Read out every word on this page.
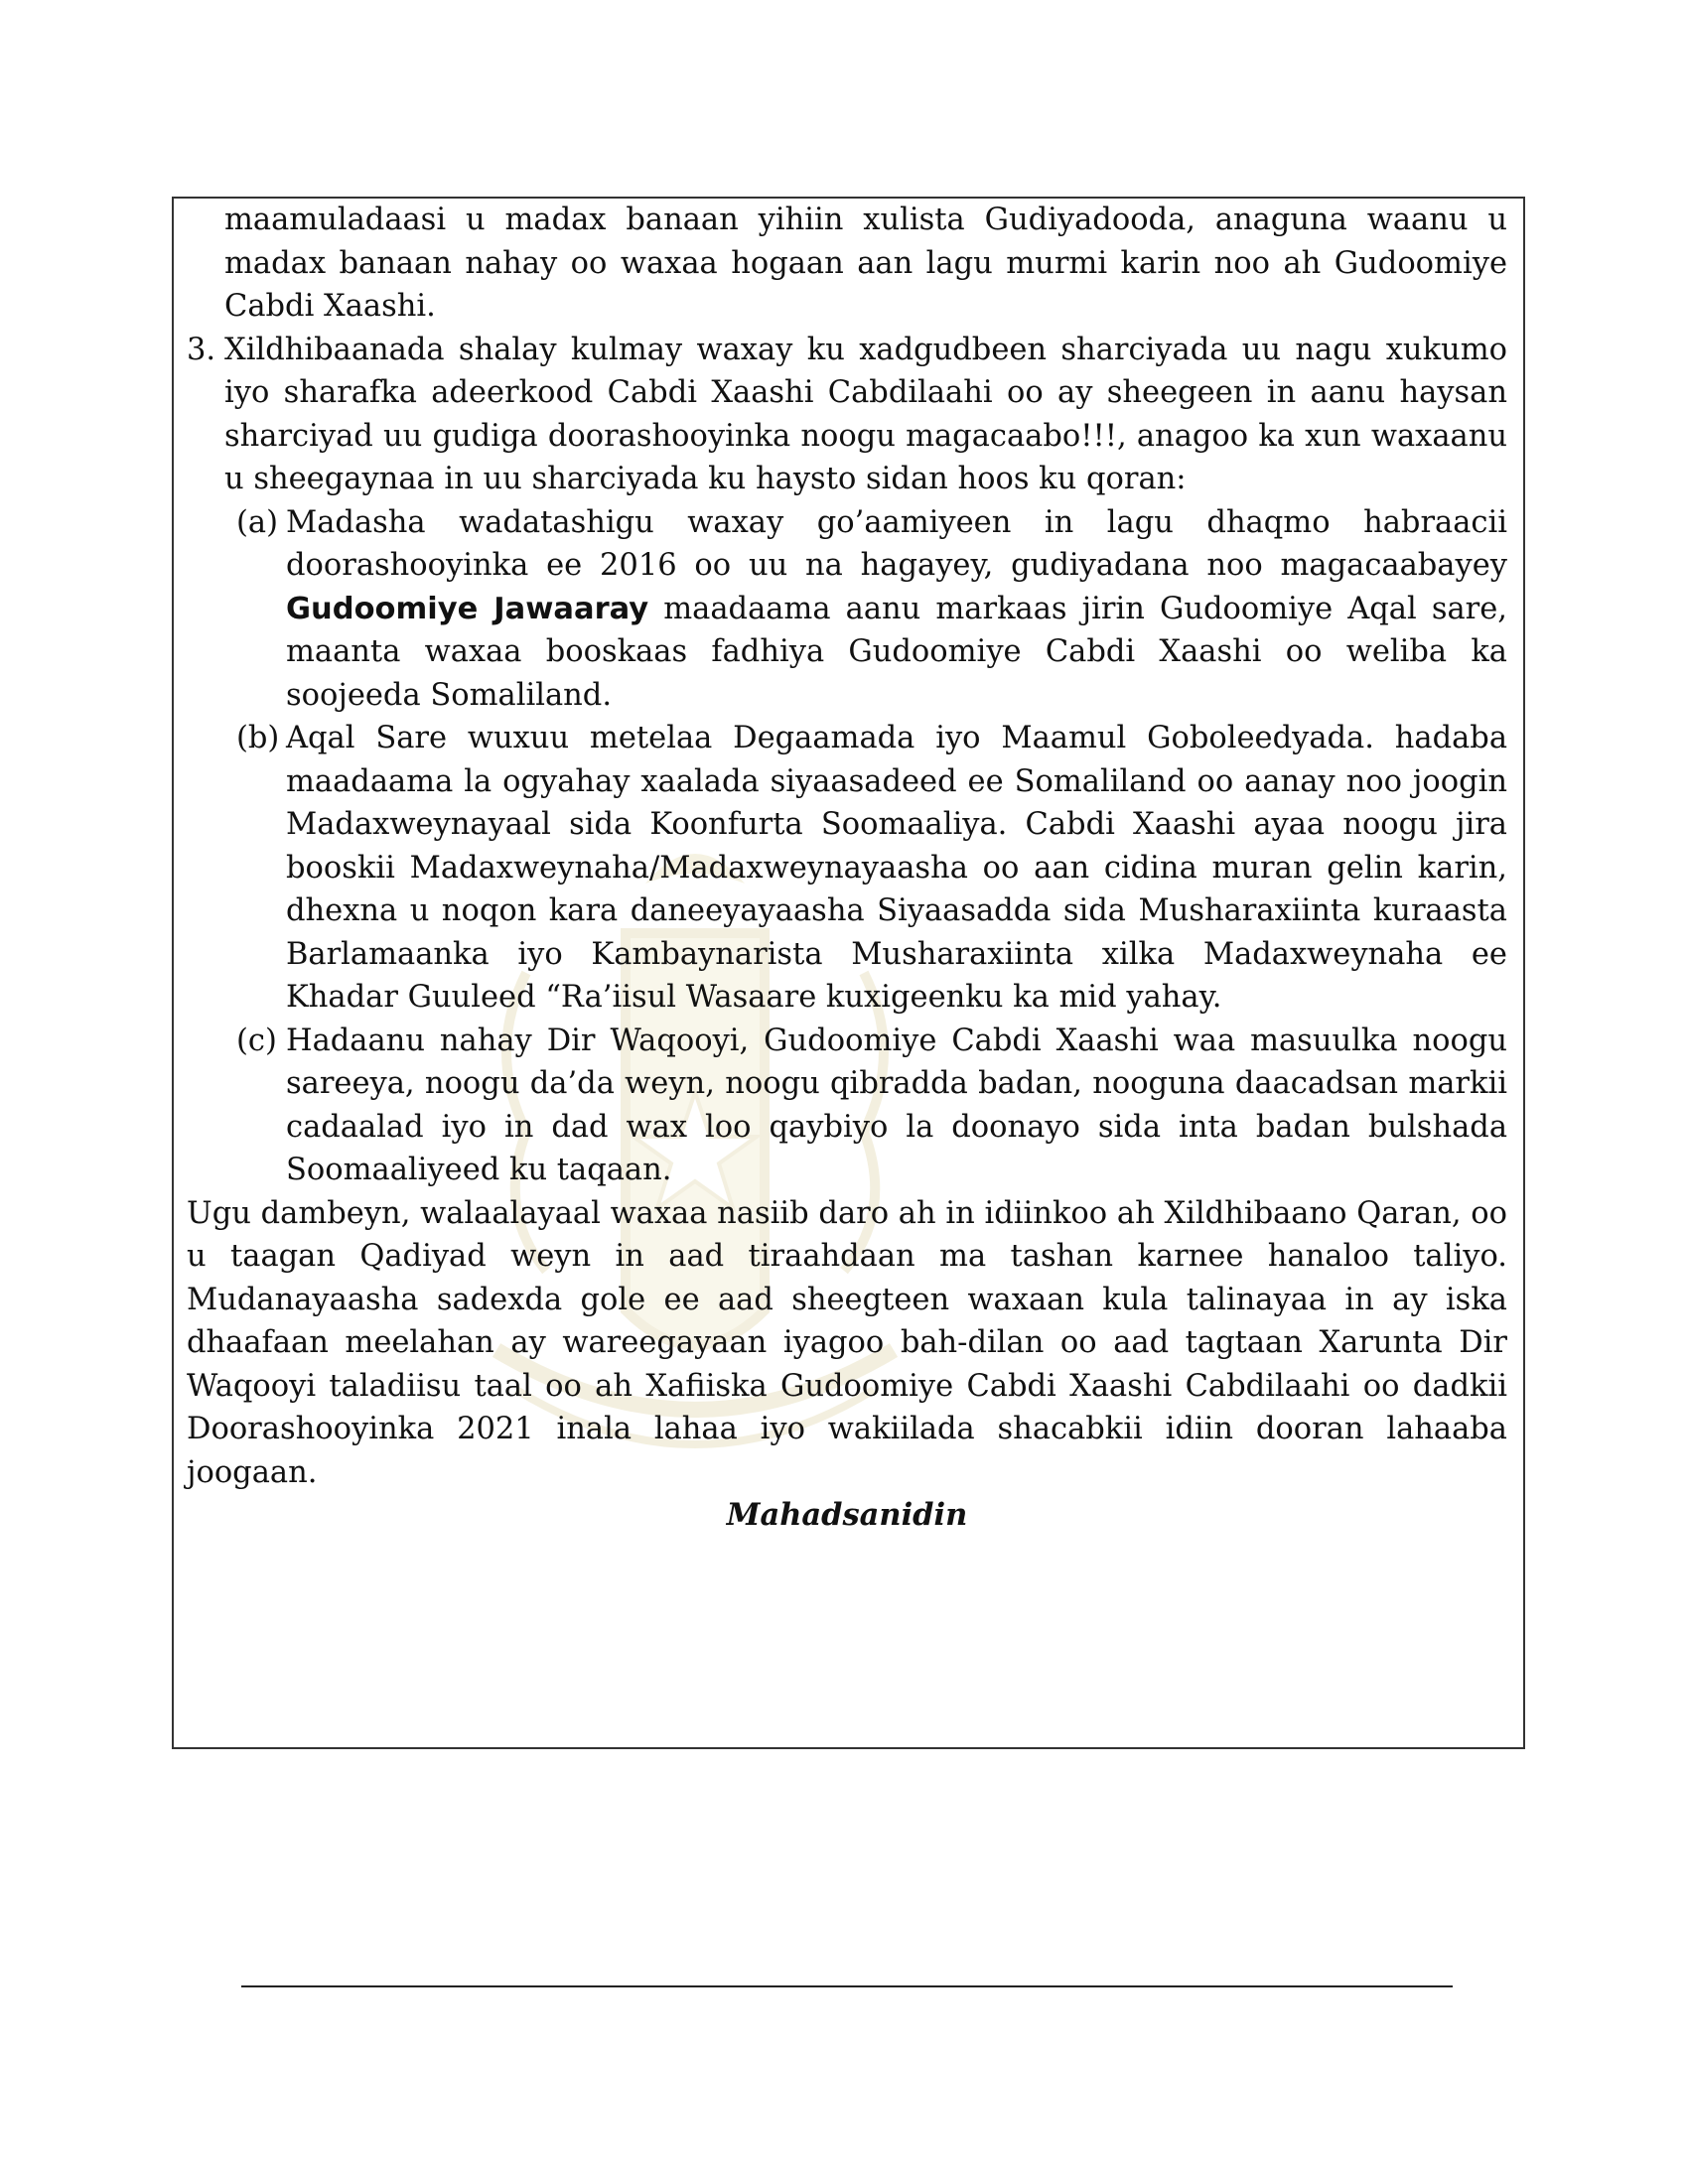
maamuladaasi u madax banaan yihiin xulista Gudiyadooda, anaguna waanu u madax banaan nahay oo waxaa hogaan aan lagu murmi karin noo ah Gudoomiye Cabdi Xaashi.

3. Xildhibaanada shalay kulmay waxay ku xadgudbeen sharciyada uu nagu xukumo iyo sharafka adeerkood Cabdi Xaashi Cabdilaahi oo ay sheegeen in aanu haysan sharciyad uu gudiga doorashooyinka noogu magacaabo!!!, anagoo ka xun waxaanu u sheegaynaa in uu sharciyada ku haysto sidan hoos ku qoran:

(a) Madasha wadatashigu waxay go’aamiyeen in lagu dhaqmo habraacii doorashooyinka ee 2016 oo uu na hagayey, gudiyadana noo magacaabayey Gudoomiye Jawaaray maadaama aanu markaas jirin Gudoomiye Aqal sare, maanta waxaa booskaas fadhiya Gudoomiye Cabdi Xaashi oo weliba ka soojeeda Somaliland.

(b) Aqal Sare wuxuu metelaa Degaamada iyo Maamul Goboleedyada. hadaba maadaama la ogyahay xaalada siyaasadeed ee Somaliland oo aanay noo joogin Madaxweynayaal sida Koonfurta Soomaaliya. Cabdi Xaashi ayaa noogu jira booskii Madaxweynaha/Madaxweynayaasha oo aan cidina muran gelin karin, dhexna u noqon kara daneeyayaasha Siyaasadda sida Musharaxiinta kuraasta Barlamaanka iyo Kambaynarista Musharaxiinta xilka Madaxweynaha ee Khadar Guuleed “Ra’iisul Wasaare kuxigeenku ka mid yahay.

(c) Hadaanu nahay Dir Waqooyi, Gudoomiye Cabdi Xaashi waa masuulka noogu sareeya, noogu da’da weyn, noogu qibradda badan, nooguna daacadsan markii cadaalad iyo in dad wax loo qaybiyo la doonayo sida inta badan bulshada Soomaaliyeed ku taqaan.

Ugu dambeyn, walaalayaal waxaa nasiib daro ah in idiinkoo ah Xildhibaano Qaran, oo u taagan Qadiyad weyn in aad tiraahdaan ma tashan karnee hanaloo taliyo. Mudanayaasha sadexda gole ee aad sheegteen waxaan kula talinayaa in ay iska dhaafaan meelahan ay wareegayaan iyagoo bah-dilan oo aad tagtaan Xarunta Dir Waqooyi taladiisu taal oo ah Xafiiska Gudoomiye Cabdi Xaashi Cabdilaahi oo dadkii Doorashooyinka 2021 inala lahaa iyo wakiilada shacabkii idiin dooran lahaaba joogaan.

Mahadsanidin
